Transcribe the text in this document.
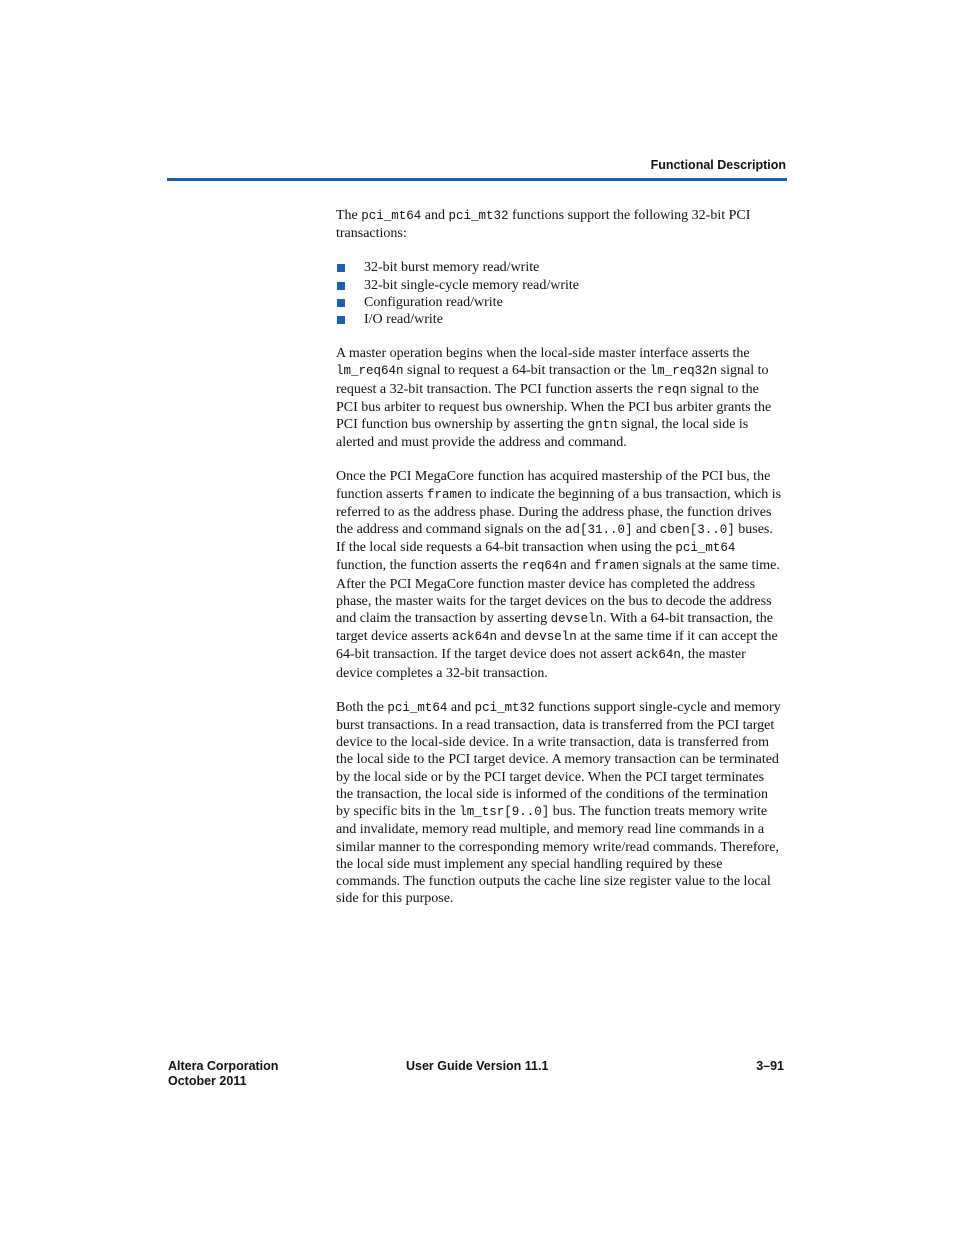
Functional Description

The pci_mt64 and pci_mt32 functions support the following 32-bit PCI transactions:

32-bit burst memory read/write
32-bit single-cycle memory read/write
Configuration read/write
I/O read/write

A master operation begins when the local-side master interface asserts the lm_req64n signal to request a 64-bit transaction or the lm_req32n signal to request a 32-bit transaction. The PCI function asserts the reqn signal to the PCI bus arbiter to request bus ownership. When the PCI bus arbiter grants the PCI function bus ownership by asserting the gntn signal, the local side is alerted and must provide the address and command.

Once the PCI MegaCore function has acquired mastership of the PCI bus, the function asserts framen to indicate the beginning of a bus transaction, which is referred to as the address phase. During the address phase, the function drives the address and command signals on the ad[31..0] and cben[3..0] buses. If the local side requests a 64-bit transaction when using the pci_mt64 function, the function asserts the req64n and framen signals at the same time. After the PCI MegaCore function master device has completed the address phase, the master waits for the target devices on the bus to decode the address and claim the transaction by asserting devseln. With a 64-bit transaction, the target device asserts ack64n and devseln at the same time if it can accept the 64-bit transaction. If the target device does not assert ack64n, the master device completes a 32-bit transaction.

Both the pci_mt64 and pci_mt32 functions support single-cycle and memory burst transactions. In a read transaction, data is transferred from the PCI target device to the local-side device. In a write transaction, data is transferred from the local side to the PCI target device. A memory transaction can be terminated by the local side or by the PCI target device. When the PCI target terminates the transaction, the local side is informed of the conditions of the termination by specific bits in the lm_tsr[9..0] bus. The function treats memory write and invalidate, memory read multiple, and memory read line commands in a similar manner to the corresponding memory write/read commands. Therefore, the local side must implement any special handling required by these commands. The function outputs the cache line size register value to the local side for this purpose.

Altera Corporation
October 2011
User Guide Version 11.1	3–91
